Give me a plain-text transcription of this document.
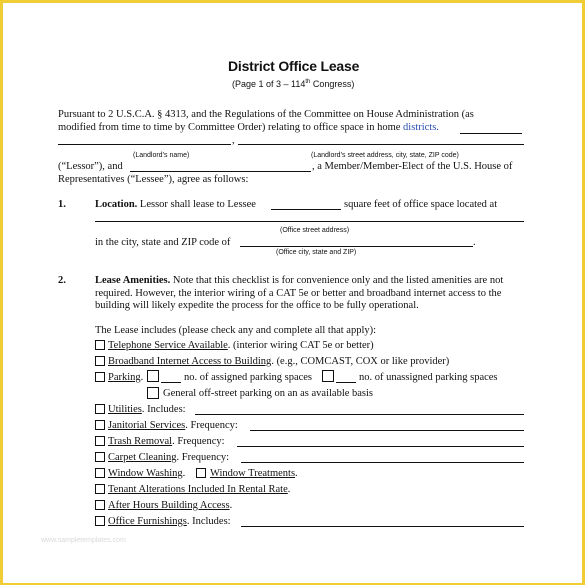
District Office Lease
(Page 1 of 3 – 114th Congress)
Pursuant to 2 U.S.C.A. § 4313, and the Regulations of the Committee on House Administration (as
modified from time to time by Committee Order) relating to office space in home districts.
,
(Landlord’s name)	(Landlord’s street address, city, state, ZIP code)
(“Lessor”), and	, a Member/Member-Elect of the U.S. House of
Representatives (“Lessee”), agree as follows:
1.	Location. Lessor shall lease to Lessee	square feet of office space located at
(Office street address)
in the city, state and ZIP code of	.
(Office city, state and ZIP)
2.	Lease Amenities. Note that this checklist is for convenience only and the listed amenities are not
required. However, the interior wiring of a CAT 5e or better and broadband internet access to the
building will likely expedite the process for the office to be fully operational.
The Lease includes (please check any and complete all that apply):
Telephone Service Available. (interior wiring CAT 5e or better)
Broadband Internet Access to Building. (e.g., COMCAST, COX or like provider)
Parking.	no. of assigned parking spaces	no. of unassigned parking spaces
General off-street parking on an as available basis
Utilities. Includes:
Janitorial Services. Frequency:
Trash Removal. Frequency:
Carpet Cleaning. Frequency:
Window Washing. Window Treatments.
Tenant Alterations Included In Rental Rate.
After Hours Building Access.
Office Furnishings. Includes:
www.sampletemplates.com
